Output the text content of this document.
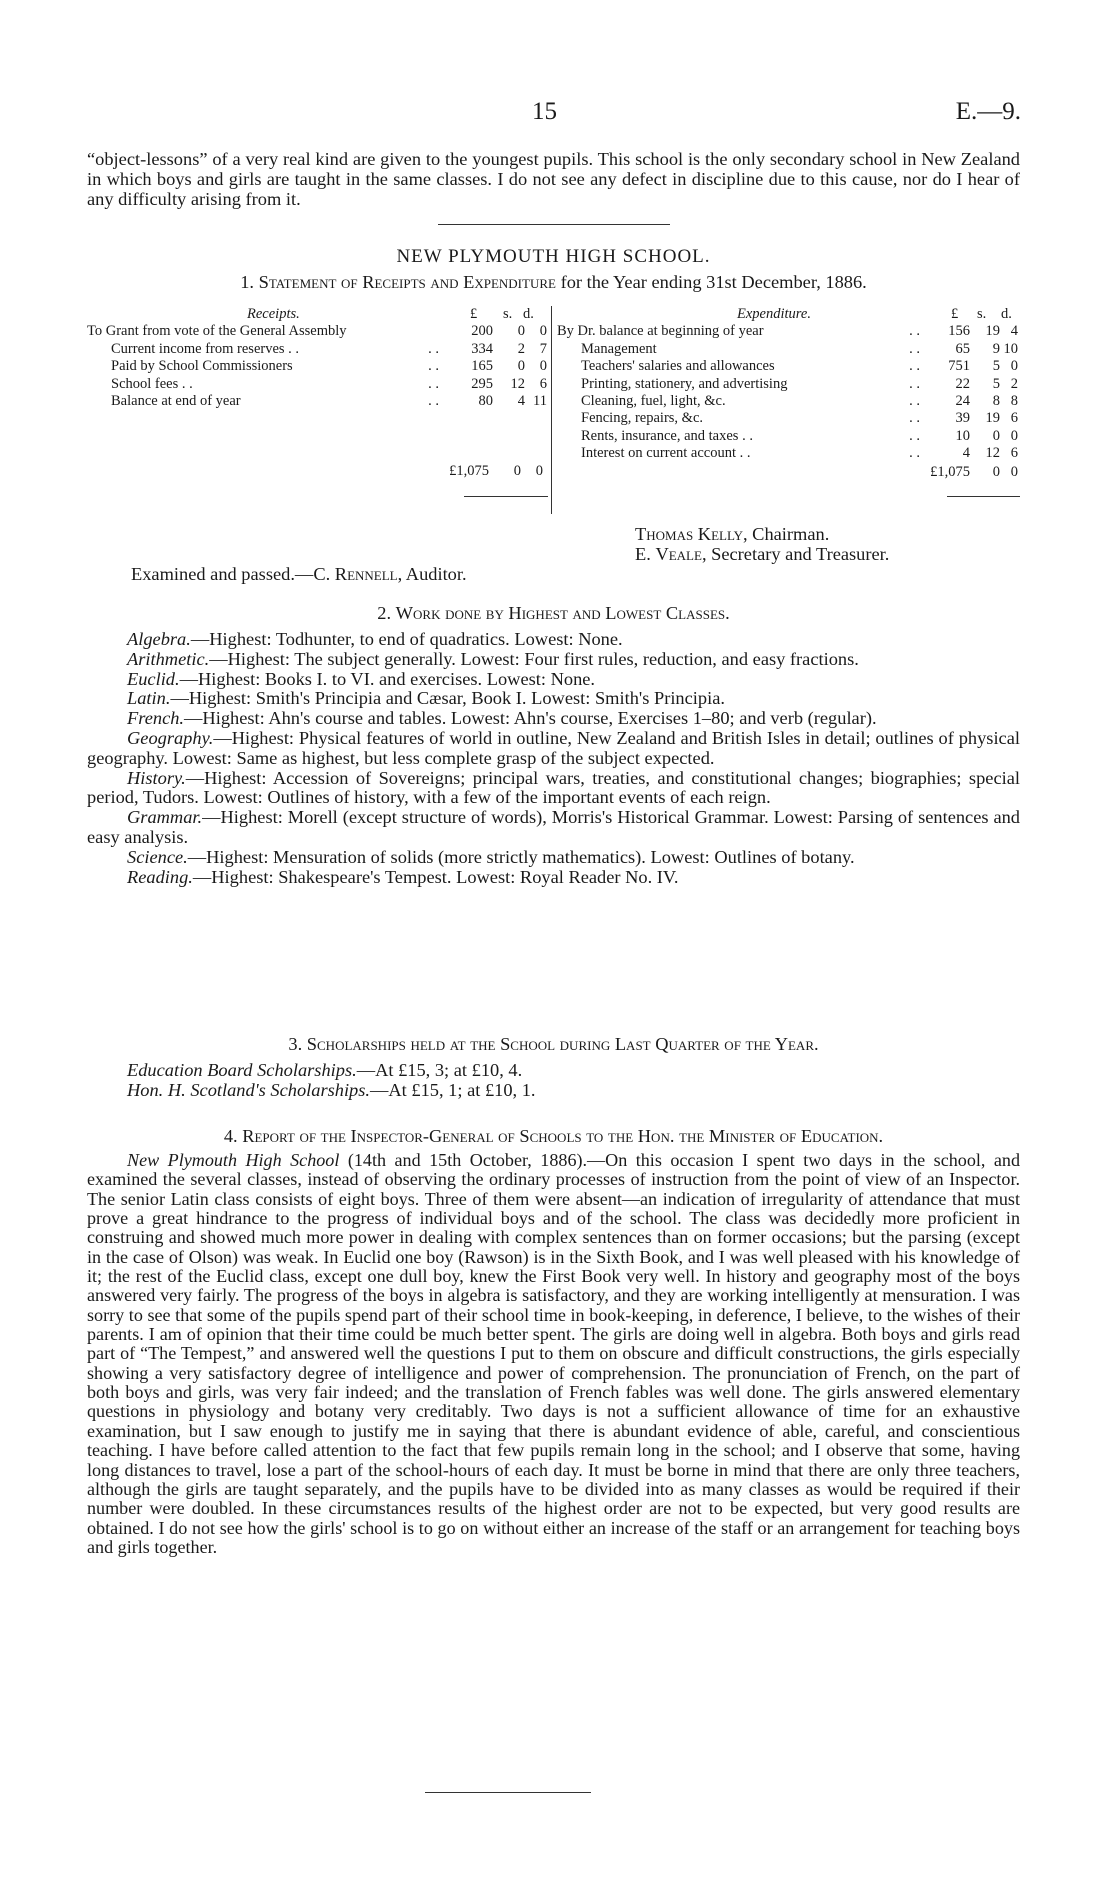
15	E.—9.

“object-lessons” of a very real kind are given to the youngest pupils. This school is the only secondary school in New Zealand in which boys and girls are taught in the same classes. I do not see any defect in discipline due to this cause, nor do I hear of any difficulty arising from it.

NEW PLYMOUTH HIGH SCHOOL.
1. Statement of Receipts and Expenditure for the Year ending 31st December, 1886.
Receipts.	£ s. d.
To Grant from vote of the General Assembly	200 0 0
Current income from reserves . .	334 2 7
. .
Paid by School Commissioners	165 0 0
. .
School fees . .	295 12 6
. .
Balance at end of year	80 4 11
. .
£1,075 0 0
Expenditure.	£ s. d.
By Dr. balance at beginning of year	156 19 4
. .
Management	65 9 10
. .
Teachers' salaries and allowances	751 5 0
. .
Printing, stationery, and advertising	22 5 2
. .
Cleaning, fuel, light, &c.	24 8 8
. .
Fencing, repairs, &c.	39 19 6
. .
Rents, insurance, and taxes . .	10 0 0
. .
Interest on current account . .	4 12 6
. .
£1,075 0 0
Thomas Kelly, Chairman.
E. Veale, Secretary and Treasurer.
Examined and passed.—C. Rennell, Auditor.
2. Work done by Highest and Lowest Classes.

Algebra.—Highest: Todhunter, to end of quadratics. Lowest: None.

Arithmetic.—Highest: The subject generally. Lowest: Four first rules, reduction, and easy fractions.

Euclid.—Highest: Books I. to VI. and exercises. Lowest: None.

Latin.—Highest: Smith's Principia and Cæsar, Book I. Lowest: Smith's Principia.

French.—Highest: Ahn's course and tables. Lowest: Ahn's course, Exercises 1–80; and verb (regular).

Geography.—Highest: Physical features of world in outline, New Zealand and British Isles in detail; outlines of physical geography. Lowest: Same as highest, but less complete grasp of the subject expected.

History.—Highest: Accession of Sovereigns; principal wars, treaties, and constitutional changes; biographies; special period, Tudors. Lowest: Outlines of history, with a few of the important events of each reign.

Grammar.—Highest: Morell (except structure of words), Morris's Historical Grammar. Lowest: Parsing of sentences and easy analysis.

Science.—Highest: Mensuration of solids (more strictly mathematics). Lowest: Outlines of botany.

Reading.—Highest: Shakespeare's Tempest. Lowest: Royal Reader No. IV.

3. Scholarships held at the School during Last Quarter of the Year.

Education Board Scholarships.—At £15, 3; at £10, 4.

Hon. H. Scotland's Scholarships.—At £15, 1; at £10, 1.

4. Report of the Inspector-General of Schools to the Hon. the Minister of Education.

New Plymouth High School (14th and 15th October, 1886).—On this occasion I spent two days in the school, and examined the several classes, instead of observing the ordinary processes of instruction from the point of view of an Inspector. The senior Latin class consists of eight boys. Three of them were absent—an indication of irregularity of attendance that must prove a great hindrance to the progress of individual boys and of the school. The class was decidedly more proficient in construing and showed much more power in dealing with complex sentences than on former occasions; but the parsing (except in the case of Olson) was weak. In Euclid one boy (Rawson) is in the Sixth Book, and I was well pleased with his knowledge of it; the rest of the Euclid class, except one dull boy, knew the First Book very well. In history and geography most of the boys answered very fairly. The progress of the boys in algebra is satisfactory, and they are working intelligently at mensuration. I was sorry to see that some of the pupils spend part of their school time in book-keeping, in deference, I believe, to the wishes of their parents. I am of opinion that their time could be much better spent. The girls are doing well in algebra. Both boys and girls read part of “The Tempest,” and answered well the questions I put to them on obscure and difficult constructions, the girls especially showing a very satisfactory degree of intelligence and power of comprehension. The pronunciation of French, on the part of both boys and girls, was very fair indeed; and the translation of French fables was well done. The girls answered elementary questions in physiology and botany very creditably. Two days is not a sufficient allowance of time for an exhaustive examination, but I saw enough to justify me in saying that there is abundant evidence of able, careful, and conscientious teaching. I have before called attention to the fact that few pupils remain long in the school; and I observe that some, having long distances to travel, lose a part of the school-hours of each day. It must be borne in mind that there are only three teachers, although the girls are taught separately, and the pupils have to be divided into as many classes as would be required if their number were doubled. In these circumstances results of the highest order are not to be expected, but very good results are obtained. I do not see how the girls' school is to go on without either an increase of the staff or an arrangement for teaching boys and girls together.
